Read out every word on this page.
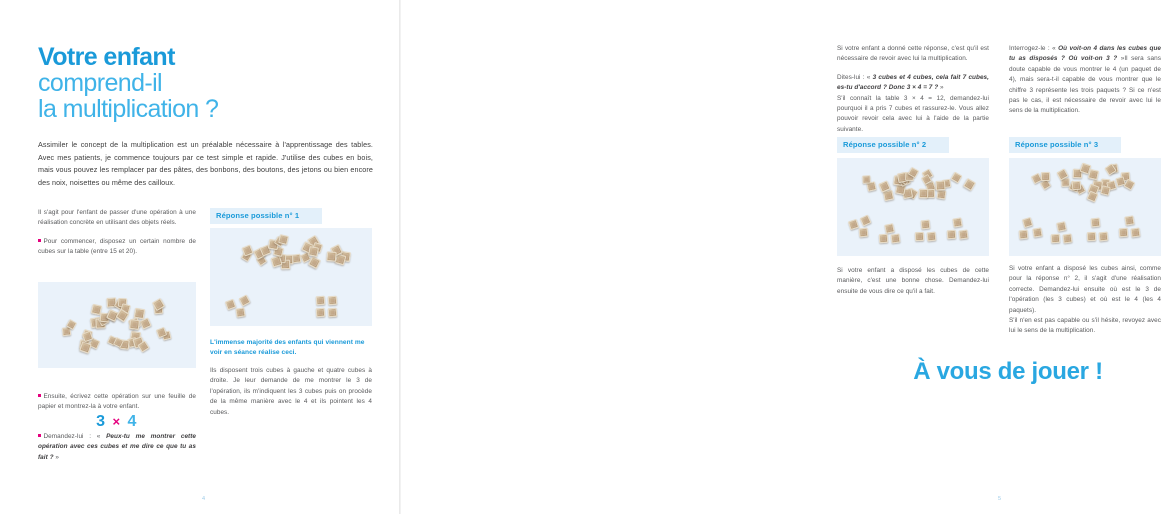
Votre enfant
comprend-il
la multiplication ?
Assimiler le concept de la multiplication est un préalable nécessaire à l'apprentissage des tables. Avec mes patients, je commence toujours par ce test simple et rapide. J'utilise des cubes en bois, mais vous pouvez les remplacer par des pâtes, des bonbons, des boutons, des jetons ou bien encore des noix, noisettes ou même des cailloux.

Il s'agit pour l'enfant de passer d'une opération à une réalisation concrète en utilisant des objets réels.

Pour commencer, disposez un certain nombre de cubes sur la table (entre 15 et 20).

Ensuite, écrivez cette opération sur une feuille de papier et montrez-la à votre enfant.

3 × 4

Demandez-lui : « Peux-tu me montrer cette opération avec ces cubes et me dire ce que tu as fait ? »

Réponse possible n° 1
L'immense majorité des enfants qui viennent me voir en séance réalise ceci.
Ils disposent trois cubes à gauche et quatre cubes à droite. Je leur demande de me montrer le 3 de l'opération, ils m'indiquent les 3 cubes puis on procède de la même manière avec le 4 et ils pointent les 4 cubes.
4

Si votre enfant a donné cette réponse, c'est qu'il est nécessaire de revoir avec lui la multiplication.

Dites-lui : « 3 cubes et 4 cubes, cela fait 7 cubes, es-tu d'accord ? Donc 3 × 4 = 7 ? »

S'il connaît la table 3 × 4 = 12, demandez-lui pourquoi il a pris 7 cubes et rassurez-le. Vous allez pouvoir revoir cela avec lui à l'aide de la partie suivante.

Réponse possible n° 2
Si votre enfant a disposé les cubes de cette manière, c'est une bonne chose. Demandez-lui ensuite de vous dire ce qu'il a fait.

Interrogez-le : « Où voit-on 4 dans les cubes que tu as disposés ? Où voit-on 3 ? »Il sera sans doute capable de vous montrer le 4 (un paquet de 4), mais sera-t-il capable de vous montrer que le chiffre 3 représente les trois paquets ? Si ce n'est pas le cas, il est nécessaire de revoir avec lui le sens de la multiplication.

Réponse possible n° 3

Si votre enfant a disposé les cubes ainsi, comme pour la réponse n° 2, il s'agit d'une réalisation correcte. Demandez-lui ensuite où est le 3 de l'opération (les 3 cubes) et où est le 4 (les 4 paquets).

S'il n'en est pas capable ou s'il hésite, revoyez avec lui le sens de la multiplication.

À vous de jouer !
5
